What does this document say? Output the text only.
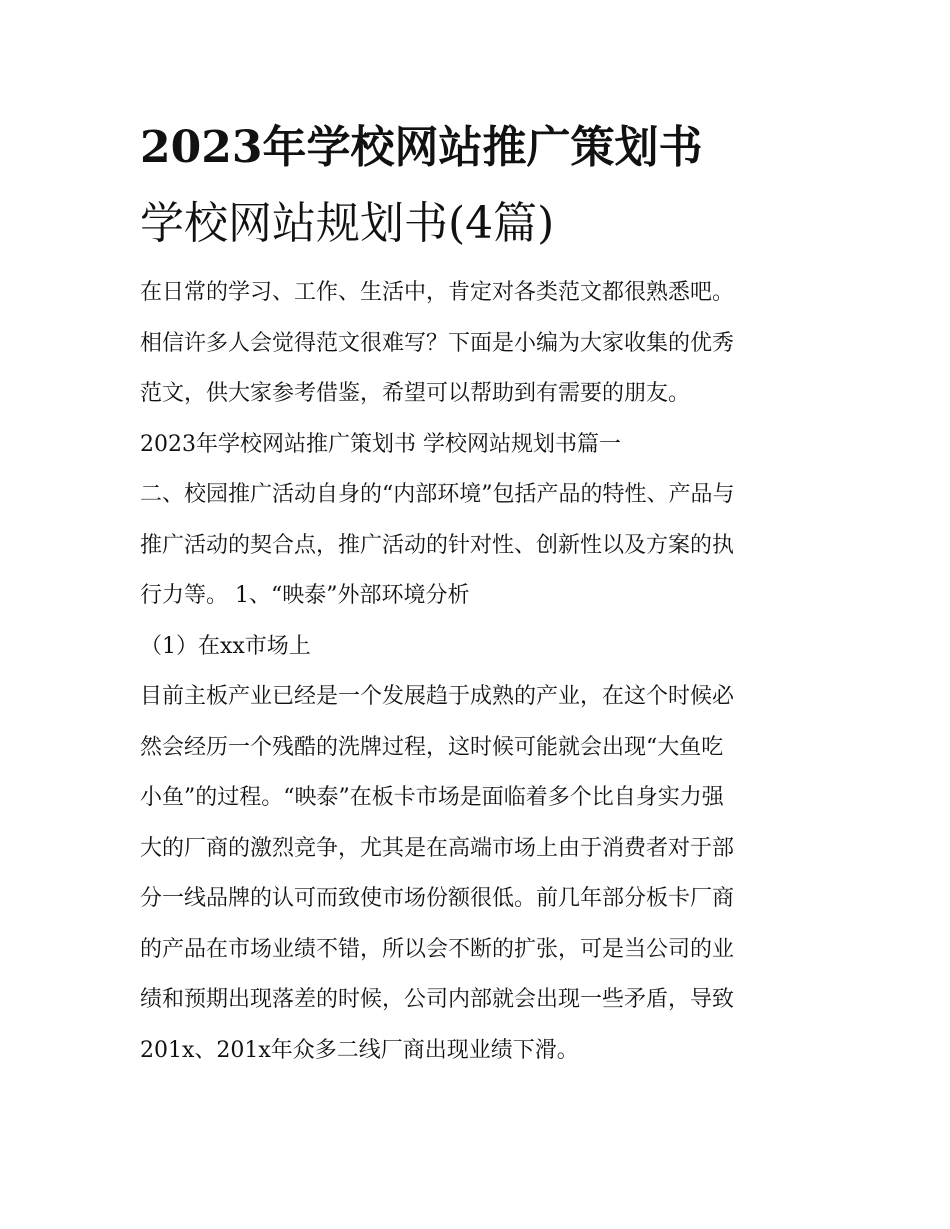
2023年学校网站推广策划书
学校网站规划书(4篇)
在日常的学习、工作、生活中，肯定对各类范文都很熟悉吧。
相信许多人会觉得范文很难写？下面是小编为大家收集的优秀
范文，供大家参考借鉴，希望可以帮助到有需要的朋友。
2023年学校网站推广策划书 学校网站规划书篇一
二、校园推广活动自身的“内部环境”包括产品的特性、产品与
推广活动的契合点，推广活动的针对性、创新性以及方案的执
行力等。 1、“映泰”外部环境分析
（1）在xx市场上
目前主板产业已经是一个发展趋于成熟的产业，在这个时候必
然会经历一个残酷的洗牌过程，这时候可能就会出现“大鱼吃
小鱼”的过程。“映泰”在板卡市场是面临着多个比自身实力强
大的厂商的激烈竞争，尤其是在高端市场上由于消费者对于部
分一线品牌的认可而致使市场份额很低。前几年部分板卡厂商
的产品在市场业绩不错，所以会不断的扩张，可是当公司的业
绩和预期出现落差的时候，公司内部就会出现一些矛盾，导致
201x、201x年众多二线厂商出现业绩下滑。
